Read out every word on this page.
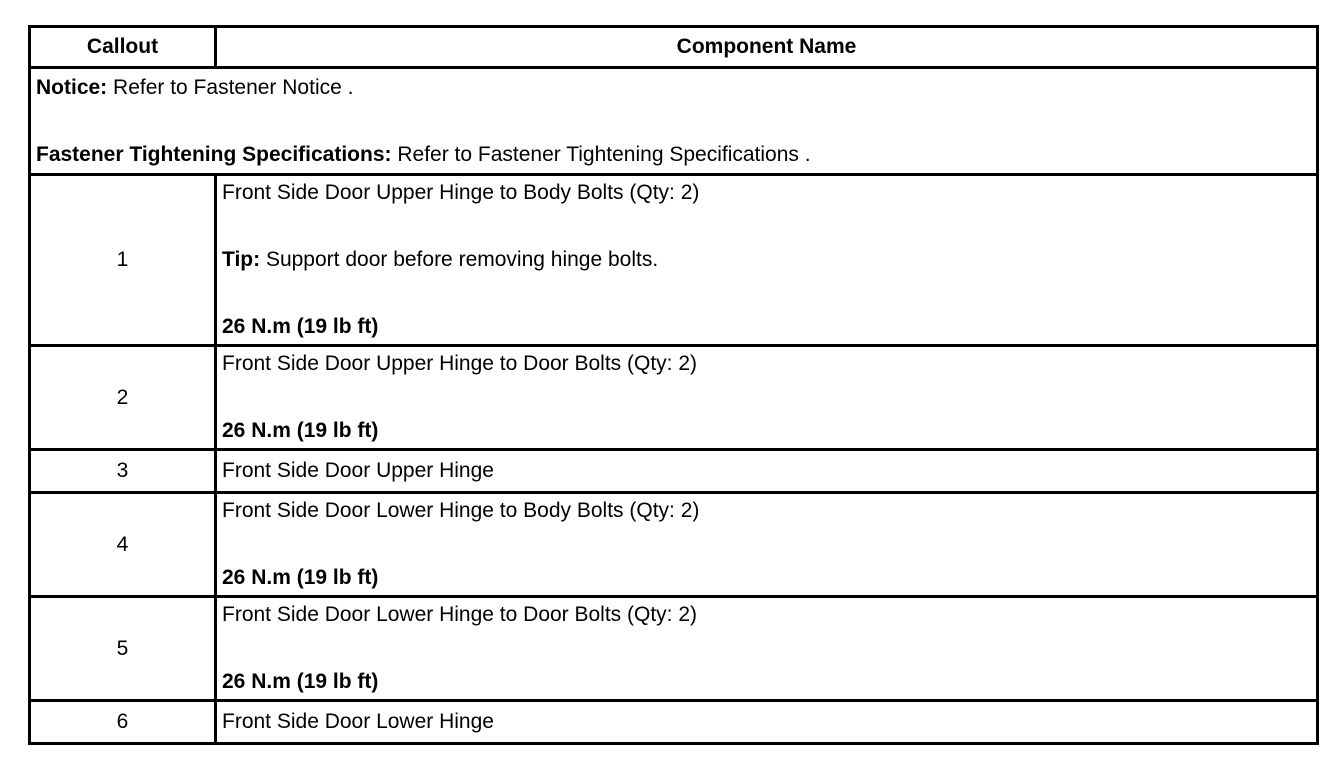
Callout	Component Name

Notice: Refer to Fastener Notice .
Fastener Tightening Specifications: Refer to Fastener Tightening Specifications .	

1	Front Side Door Upper Hinge to Body Bolts (Qty: 2)
Tip: Support door before removing hinge bolts.
26 N.m (19 lb ft)

2	Front Side Door Upper Hinge to Door Bolts (Qty: 2)
26 N.m (19 lb ft)

3	Front Side Door Upper Hinge
4	Front Side Door Lower Hinge to Body Bolts (Qty: 2)
26 N.m (19 lb ft)

5	Front Side Door Lower Hinge to Door Bolts (Qty: 2)
26 N.m (19 lb ft)

6	Front Side Door Lower Hinge
